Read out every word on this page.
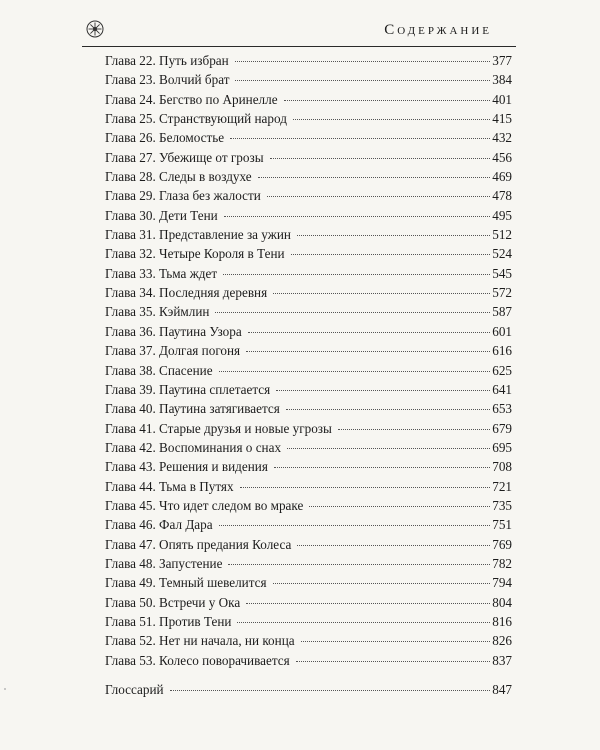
Содержание
Глава 22. Путь избран	377
Глава 23. Волчий брат	384
Глава 24. Бегство по Аринелле	401
Глава 25. Странствующий народ	415
Глава 26. Беломостье	432
Глава 27. Убежище от грозы	456
Глава 28. Следы в воздухе	469
Глава 29. Глаза без жалости	478
Глава 30. Дети Тени	495
Глава 31. Представление за ужин	512
Глава 32. Четыре Короля в Тени	524
Глава 33. Тьма ждет	545
Глава 34. Последняя деревня	572
Глава 35. Кэймлин	587
Глава 36. Паутина Узора	601
Глава 37. Долгая погоня	616
Глава 38. Спасение	625
Глава 39. Паутина сплетается	641
Глава 40. Паутина затягивается	653
Глава 41. Старые друзья и новые угрозы	679
Глава 42. Воспоминания о снах	695
Глава 43. Решения и видения	708
Глава 44. Тьма в Путях	721
Глава 45. Что идет следом во мраке	735
Глава 46. Фал Дара	751
Глава 47. Опять предания Колеса	769
Глава 48. Запустение	782
Глава 49. Темный шевелится	794
Глава 50. Встречи у Ока	804
Глава 51. Против Тени	816
Глава 52. Нет ни начала, ни конца	826
Глава 53. Колесо поворачивается	837
Глоссарий	847
